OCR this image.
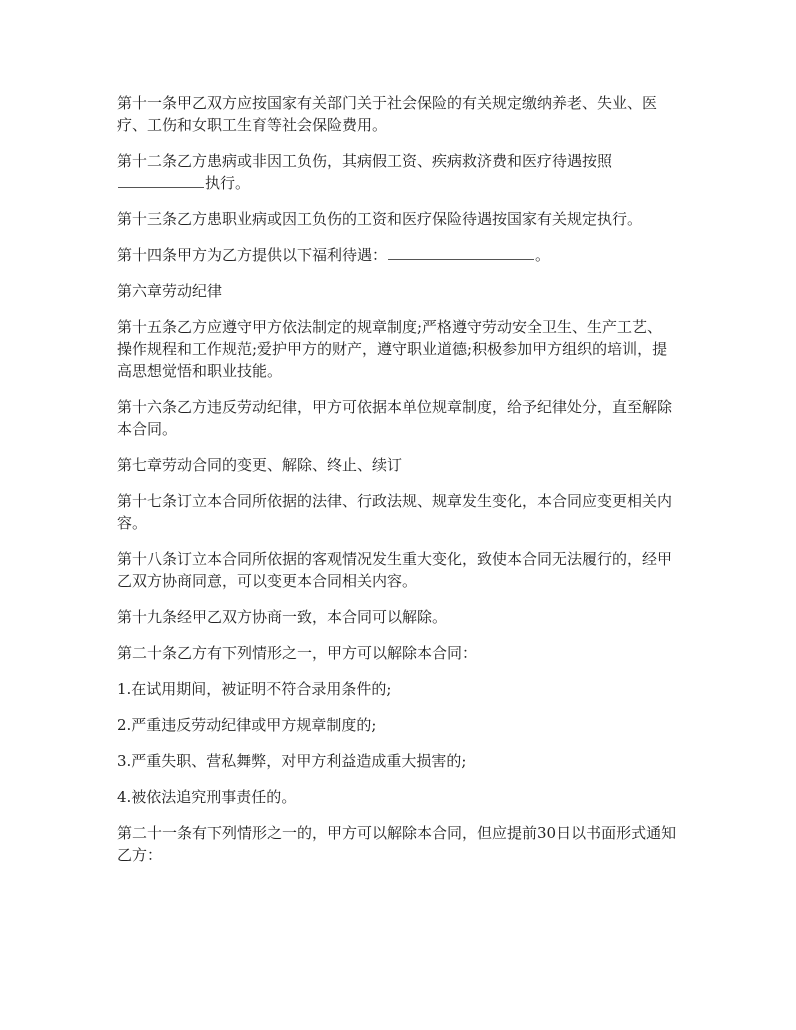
第十一条甲乙双方应按国家有关部门关于社会保险的有关规定缴纳养老、失业、医疗、工伤和女职工生育等社会保险费用。

第十二条乙方患病或非因工负伤，其病假工资、疾病救济费和医疗待遇按照
执行。

第十三条乙方患职业病或因工负伤的工资和医疗保险待遇按国家有关规定执行。

第十四条甲方为乙方提供以下福利待遇：	。

第六章劳动纪律

第十五条乙方应遵守甲方依法制定的规章制度;严格遵守劳动安全卫生、生产工艺、操作规程和工作规范;爱护甲方的财产，遵守职业道德;积极参加甲方组织的培训，提高思想觉悟和职业技能。

第十六条乙方违反劳动纪律，甲方可依据本单位规章制度，给予纪律处分，直至解除本合同。

第七章劳动合同的变更、解除、终止、续订

第十七条订立本合同所依据的法律、行政法规、规章发生变化，本合同应变更相关内容。

第十八条订立本合同所依据的客观情况发生重大变化，致使本合同无法履行的，经甲乙双方协商同意，可以变更本合同相关内容。

第十九条经甲乙双方协商一致，本合同可以解除。

第二十条乙方有下列情形之一，甲方可以解除本合同：

1.在试用期间，被证明不符合录用条件的;

2.严重违反劳动纪律或甲方规章制度的;

3.严重失职、营私舞弊，对甲方利益造成重大损害的;

4.被依法追究刑事责任的。

第二十一条有下列情形之一的，甲方可以解除本合同，但应提前30日以书面形式通知乙方：
